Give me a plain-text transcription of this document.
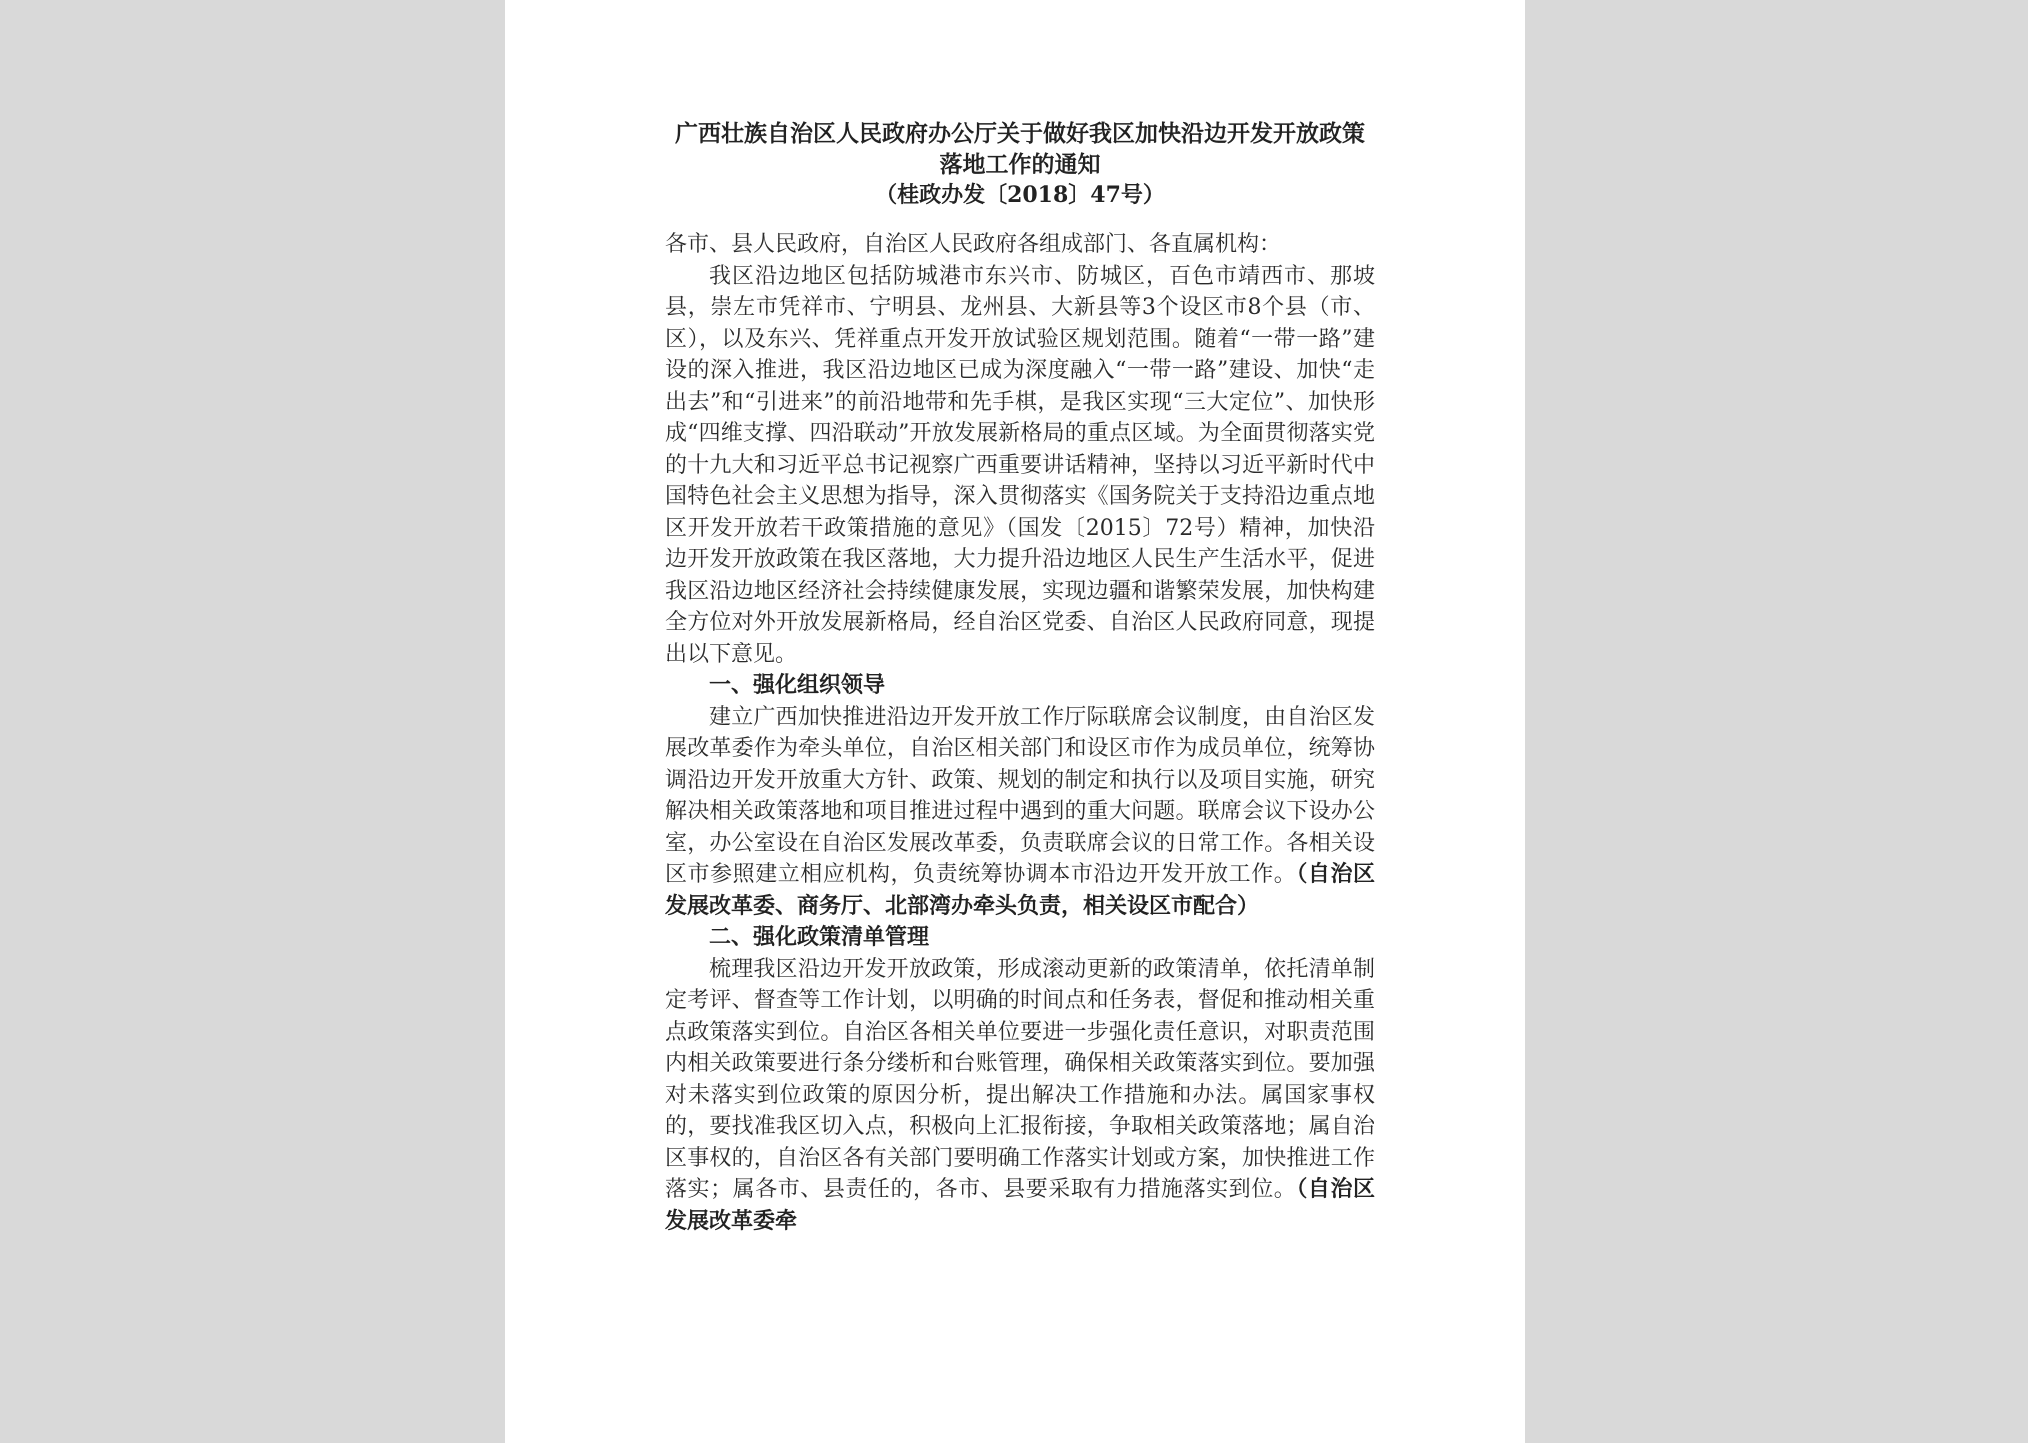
广西壮族自治区人民政府办公厅关于做好我区加快沿边开发开放政策落地工作的通知
（桂政办发〔2018〕47号）

各市、县人民政府，自治区人民政府各组成部门、各直属机构：

我区沿边地区包括防城港市东兴市、防城区，百色市靖西市、那坡县，崇左市凭祥市、宁明县、龙州县、大新县等3个设区市8个县（市、区），以及东兴、凭祥重点开发开放试验区规划范围。随着“一带一路”建设的深入推进，我区沿边地区已成为深度融入“一带一路”建设、加快“走出去”和“引进来”的前沿地带和先手棋，是我区实现“三大定位”、加快形成“四维支撑、四沿联动”开放发展新格局的重点区域。为全面贯彻落实党的十九大和习近平总书记视察广西重要讲话精神，坚持以习近平新时代中国特色社会主义思想为指导，深入贯彻落实《国务院关于支持沿边重点地区开发开放若干政策措施的意见》（国发〔2015〕72号）精神，加快沿边开发开放政策在我区落地，大力提升沿边地区人民生产生活水平，促进我区沿边地区经济社会持续健康发展，实现边疆和谐繁荣发展，加快构建全方位对外开放发展新格局，经自治区党委、自治区人民政府同意，现提出以下意见。

一、强化组织领导

建立广西加快推进沿边开发开放工作厅际联席会议制度，由自治区发展改革委作为牵头单位，自治区相关部门和设区市作为成员单位，统筹协调沿边开发开放重大方针、政策、规划的制定和执行以及项目实施，研究解决相关政策落地和项目推进过程中遇到的重大问题。联席会议下设办公室，办公室设在自治区发展改革委，负责联席会议的日常工作。各相关设区市参照建立相应机构，负责统筹协调本市沿边开发开放工作。（自治区发展改革委、商务厅、北部湾办牵头负责，相关设区市配合）

二、强化政策清单管理

梳理我区沿边开发开放政策，形成滚动更新的政策清单，依托清单制定考评、督查等工作计划，以明确的时间点和任务表，督促和推动相关重点政策落实到位。自治区各相关单位要进一步强化责任意识，对职责范围内相关政策要进行条分缕析和台账管理，确保相关政策落实到位。要加强对未落实到位政策的原因分析，提出解决工作措施和办法。属国家事权的，要找准我区切入点，积极向上汇报衔接，争取相关政策落地；属自治区事权的，自治区各有关部门要明确工作落实计划或方案，加快推进工作落实；属各市、县责任的，各市、县要采取有力措施落实到位。（自治区发展改革委牵
